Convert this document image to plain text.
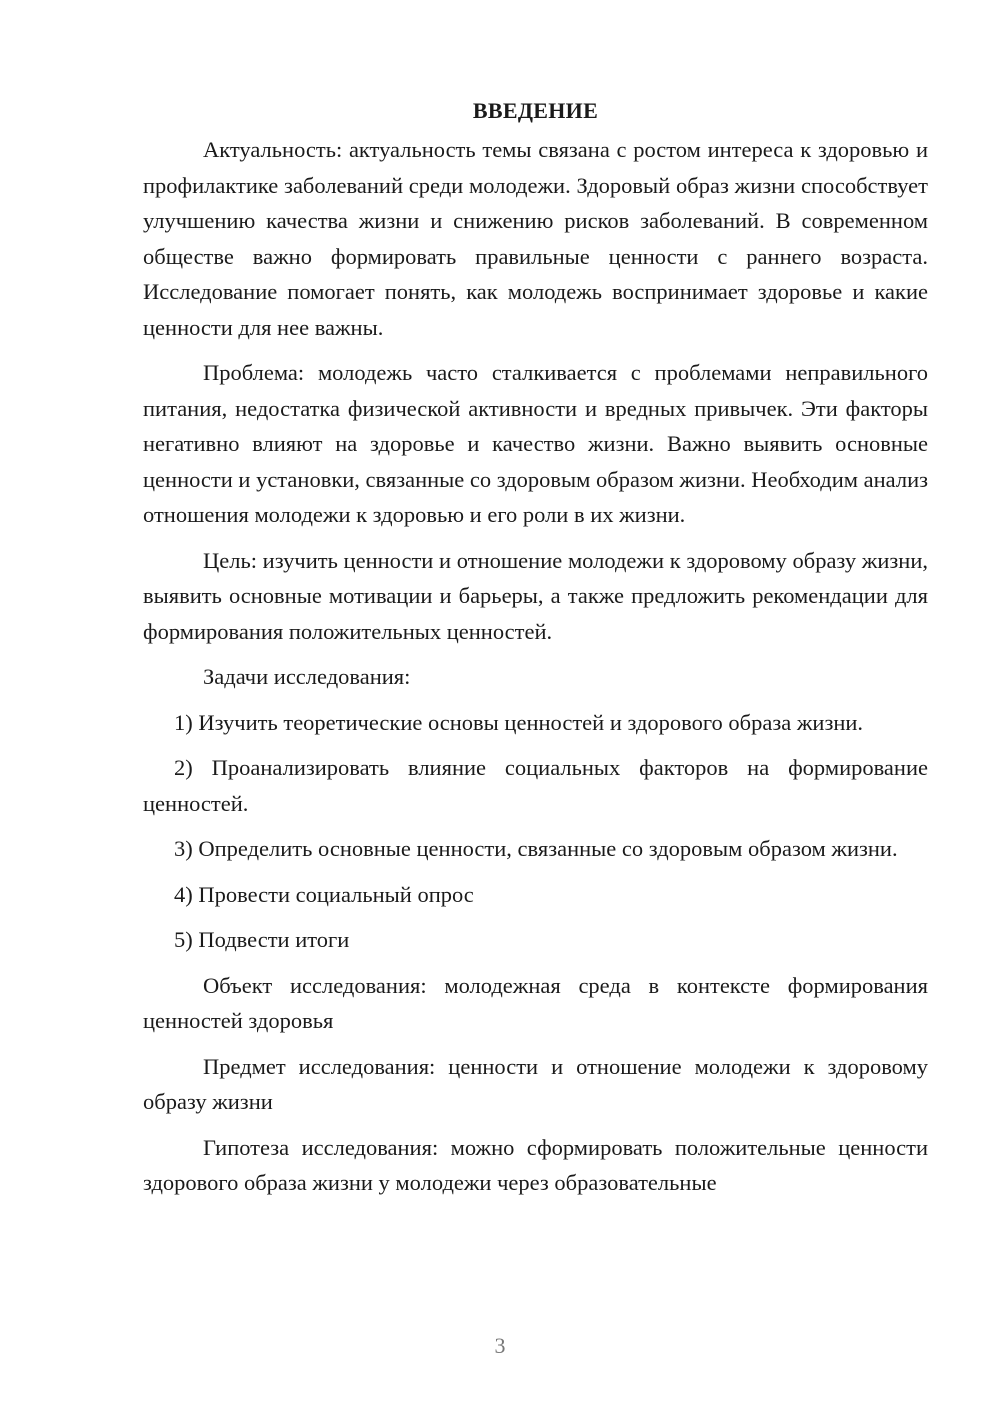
ВВЕДЕНИЕ

Актуальность: актуальность темы связана с ростом интереса к здоровью и профилактике заболеваний среди молодежи. Здоровый образ жизни способствует улучшению качества жизни и снижению рисков заболеваний. В современном обществе важно формировать правильные ценности с раннего возраста. Исследование помогает понять, как молодежь воспринимает здоровье и какие ценности для нее важны.

Проблема: молодежь часто сталкивается с проблемами неправильного питания, недостатка физической активности и вредных привычек. Эти факторы негативно влияют на здоровье и качество жизни. Важно выявить основные ценности и установки, связанные со здоровым образом жизни. Необходим анализ отношения молодежи к здоровью и его роли в их жизни.

Цель: изучить ценности и отношение молодежи к здоровому образу жизни, выявить основные мотивации и барьеры, а также предложить рекомендации для формирования положительных ценностей.

Задачи исследования:

1) Изучить теоретические основы ценностей и здорового образа жизни.

2) Проанализировать влияние социальных факторов на формирование ценностей.

3) Определить основные ценности, связанные со здоровым образом жизни.

4) Провести социальный опрос

5) Подвести итоги

Объект исследования: молодежная среда в контексте формирования ценностей здоровья

Предмет исследования: ценности и отношение молодежи к здоровому образу жизни

Гипотеза исследования: можно сформировать положительные ценности здорового образа жизни у молодежи через образовательные

3
